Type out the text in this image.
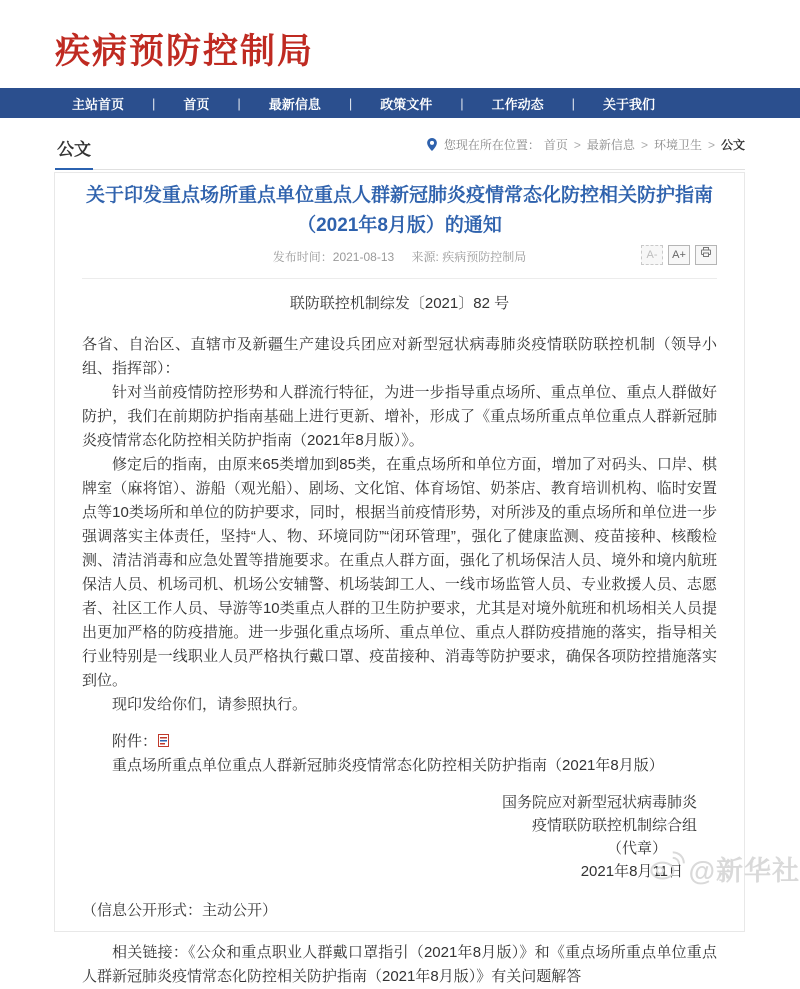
疾病预防控制局
主站首页	|	首页	|	最新信息	|	政策文件	|	工作动态	|	关于我们
公文	您现在所在位置： 首页 > 最新信息 > 环境卫生 > 公文
关于印发重点场所重点单位重点人群新冠肺炎疫情常态化防控相关防护指南（2021年8月版）的通知
发布时间：2021-08-13 来源: 疾病预防控制局	A-	A+
联防联控机制综发〔2021〕82 号

各省、自治区、直辖市及新疆生产建设兵团应对新型冠状病毒肺炎疫情联防联控机制（领导小组、指挥部）：

针对当前疫情防控形势和人群流行特征，为进一步指导重点场所、重点单位、重点人群做好防护，我们在前期防护指南基础上进行更新、增补，形成了《重点场所重点单位重点人群新冠肺炎疫情常态化防控相关防护指南（2021年8月版）》。

修定后的指南，由原来65类增加到85类，在重点场所和单位方面，增加了对码头、口岸、棋牌室（麻将馆）、游船（观光船）、剧场、文化馆、体育场馆、奶茶店、教育培训机构、临时安置点等10类场所和单位的防护要求，同时，根据当前疫情形势，对所涉及的重点场所和单位进一步强调落实主体责任，坚持“人、物、环境同防”“闭环管理”，强化了健康监测、疫苗接种、核酸检测、清洁消毒和应急处置等措施要求。在重点人群方面，强化了机场保洁人员、境外和境内航班保洁人员、机场司机、机场公安辅警、机场装卸工人、一线市场监管人员、专业救援人员、志愿者、社区工作人员、导游等10类重点人群的卫生防护要求，尤其是对境外航班和机场相关人员提出更加严格的防疫措施。进一步强化重点场所、重点单位、重点人群防疫措施的落实，指导相关行业特别是一线职业人员严格执行戴口罩、疫苗接种、消毒等防护要求，确保各项防控措施落实到位。

现印发给你们，请参照执行。

附件：
重点场所重点单位重点人群新冠肺炎疫情常态化防控相关防护指南（2021年8月版）
国务院应对新型冠状病毒肺炎
疫情联防联控机制综合组
（代章）
2021年8月11日
（信息公开形式：主动公开）
相关链接：《公众和重点职业人群戴口罩指引（2021年8月版）》和《重点场所重点单位重点人群新冠肺炎疫情常态化防控相关防护指南（2021年8月版）》有关问题解答
@新华社
